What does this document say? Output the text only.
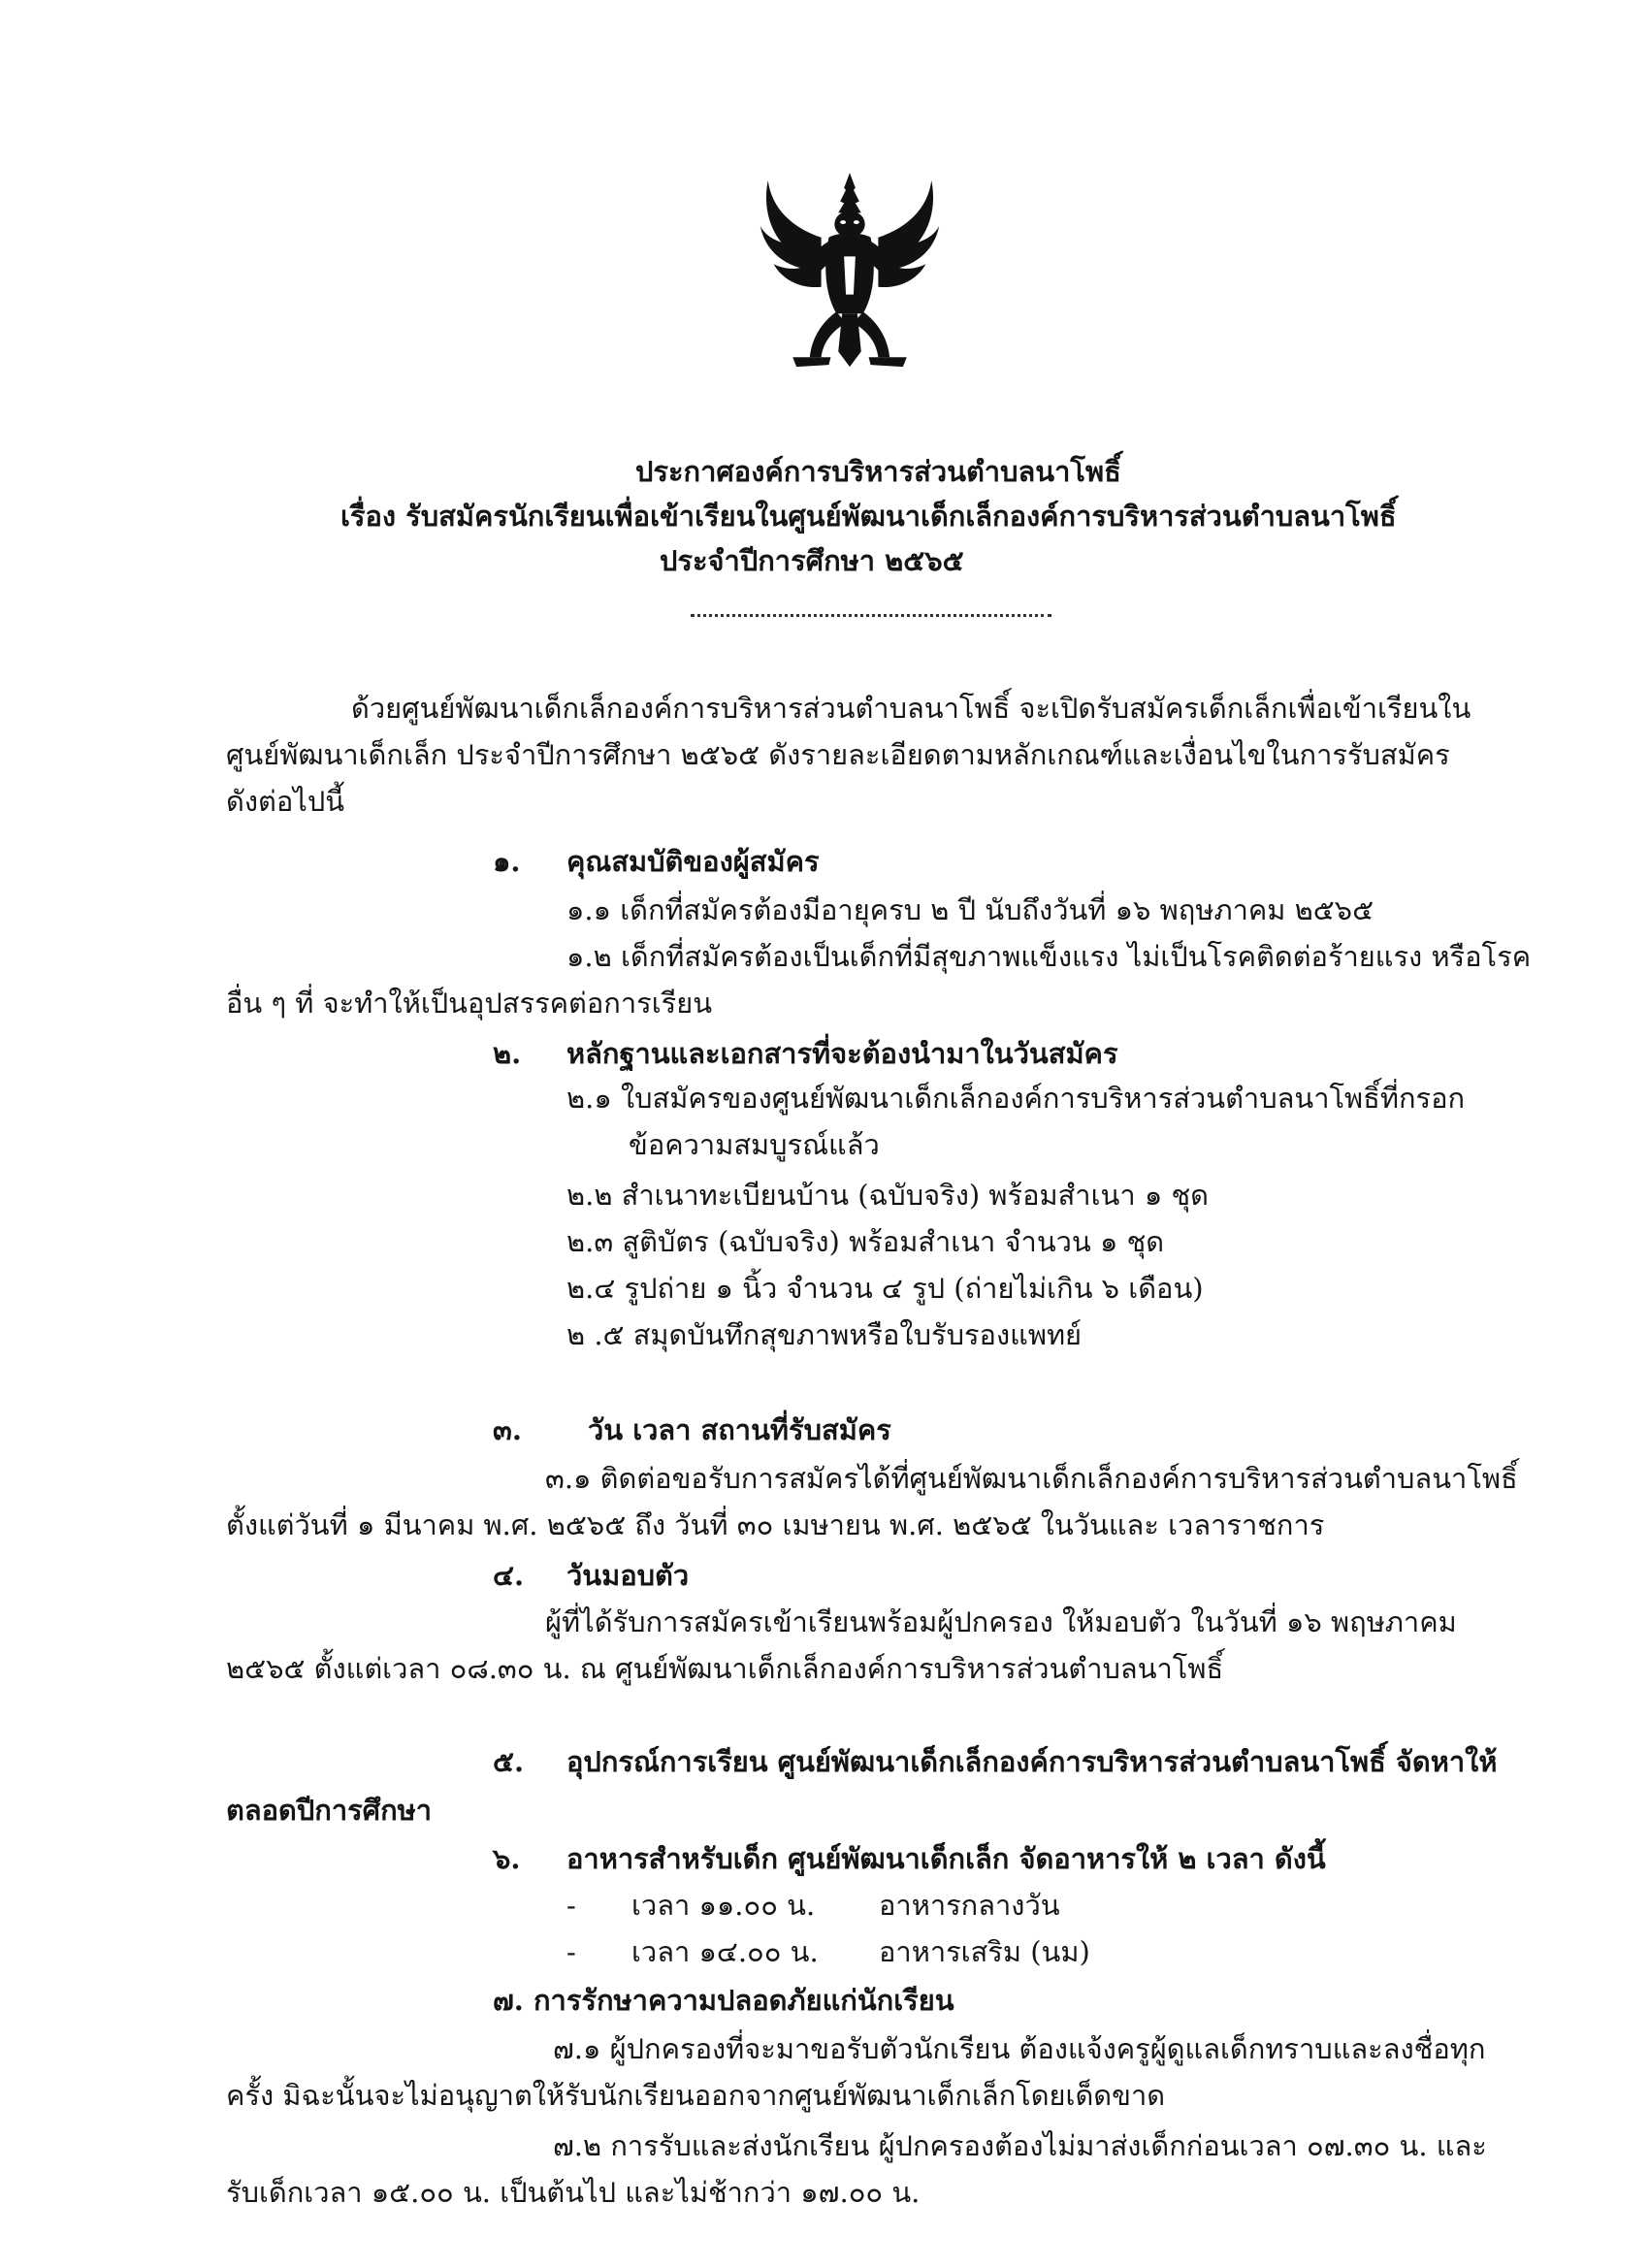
ประกาศองค์การบริหารส่วนตำบลนาโพธิ์
เรื่อง รับสมัครนักเรียนเพื่อเข้าเรียนในศูนย์พัฒนาเด็กเล็กองค์การบริหารส่วนตำบลนาโพธิ์
ประจำปีการศึกษา ๒๕๖๕
ด้วยศูนย์พัฒนาเด็กเล็กองค์การบริหารส่วนตำบลนาโพธิ์ จะเปิดรับสมัครเด็กเล็กเพื่อเข้าเรียนใน
ศูนย์พัฒนาเด็กเล็ก ประจำปีการศึกษา ๒๕๖๕ ดังรายละเอียดตามหลักเกณฑ์และเงื่อนไขในการรับสมัคร
ดังต่อไปนี้
๑. คุณสมบัติของผู้สมัคร
๑.๑ เด็กที่สมัครต้องมีอายุครบ ๒ ปี นับถึงวันที่ ๑๖ พฤษภาคม ๒๕๖๕
๑.๒ เด็กที่สมัครต้องเป็นเด็กที่มีสุขภาพแข็งแรง ไม่เป็นโรคติดต่อร้ายแรง หรือโรค
อื่น ๆ ที่ จะทำให้เป็นอุปสรรคต่อการเรียน
๒. หลักฐานและเอกสารที่จะต้องนำมาในวันสมัคร
๒.๑ ใบสมัครของศูนย์พัฒนาเด็กเล็กองค์การบริหารส่วนตำบลนาโพธิ์ที่กรอก
ข้อความสมบูรณ์แล้ว
๒.๒ สำเนาทะเบียนบ้าน (ฉบับจริง) พร้อมสำเนา ๑ ชุด
๒.๓ สูติบัตร (ฉบับจริง) พร้อมสำเนา จำนวน ๑ ชุด
๒.๔ รูปถ่าย ๑ นิ้ว จำนวน ๔ รูป (ถ่ายไม่เกิน ๖ เดือน)
๒ .๕ สมุดบันทึกสุขภาพหรือใบรับรองแพทย์
๓. วัน เวลา สถานที่รับสมัคร
๓.๑ ติดต่อขอรับการสมัครได้ที่ศูนย์พัฒนาเด็กเล็กองค์การบริหารส่วนตำบลนาโพธิ์
ตั้งแต่วันที่ ๑ มีนาคม พ.ศ. ๒๕๖๕ ถึง วันที่ ๓๐ เมษายน พ.ศ. ๒๕๖๕ ในวันและ เวลาราชการ
๔. วันมอบตัว
ผู้ที่ได้รับการสมัครเข้าเรียนพร้อมผู้ปกครอง ให้มอบตัว ในวันที่ ๑๖ พฤษภาคม
๒๕๖๕ ตั้งแต่เวลา ๐๘.๓๐ น. ณ ศูนย์พัฒนาเด็กเล็กองค์การบริหารส่วนตำบลนาโพธิ์
๕. อุปกรณ์การเรียน ศูนย์พัฒนาเด็กเล็กองค์การบริหารส่วนตำบลนาโพธิ์ จัดหาให้
ตลอดปีการศึกษา
๖. อาหารสำหรับเด็ก ศูนย์พัฒนาเด็กเล็ก จัดอาหารให้ ๒ เวลา ดังนี้
- เวลา ๑๑.๐๐ น. อาหารกลางวัน
- เวลา ๑๔.๐๐ น. อาหารเสริม (นม)
๗. การรักษาความปลอดภัยแก่นักเรียน
๗.๑ ผู้ปกครองที่จะมาขอรับตัวนักเรียน ต้องแจ้งครูผู้ดูแลเด็กทราบและลงชื่อทุก
ครั้ง มิฉะนั้นจะไม่อนุญาตให้รับนักเรียนออกจากศูนย์พัฒนาเด็กเล็กโดยเด็ดขาด
๗.๒ การรับและส่งนักเรียน ผู้ปกครองต้องไม่มาส่งเด็กก่อนเวลา ๐๗.๓๐ น. และ
รับเด็กเวลา ๑๕.๐๐ น. เป็นต้นไป และไม่ช้ากว่า ๑๗.๐๐ น.
